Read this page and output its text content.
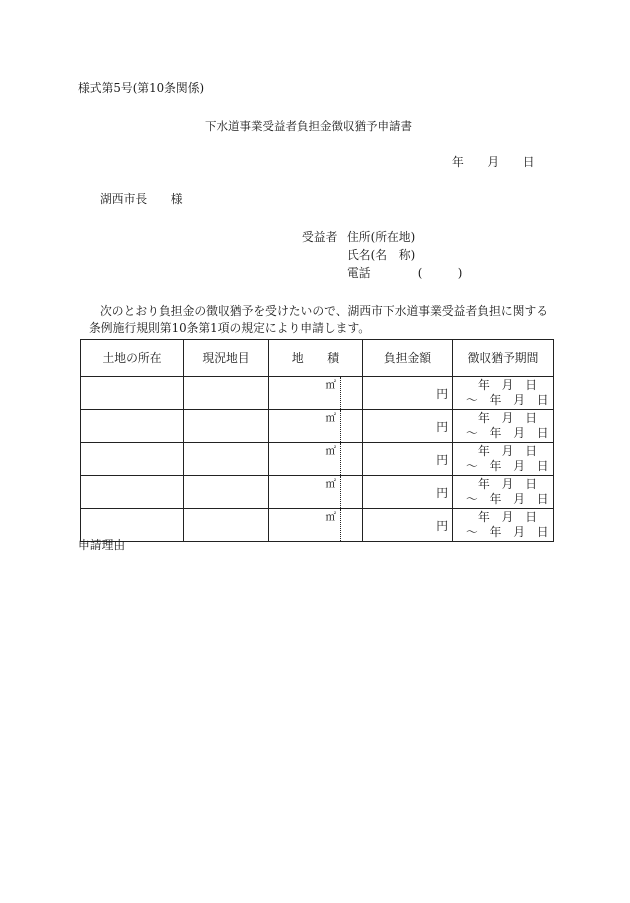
様式第5号(第10条関係)
下水道事業受益者負担金徴収猶予申請書
年　　月　　日
湖西市長　　様
受益者 住所(所在地)
氏名(名　称)
電話　　　　(　　　)
次のとおり負担金の徴収猶予を受けたいので、湖西市下水道事業受益者負担に関する
条例施行規則第10条第1項の規定により申請します。
土地の所在	現況地目	地　　積		負担金額	徴収猶予期間
		㎡		円	年　月　日
～　年　月　日

		㎡		円	年　月　日
～　年　月　日

		㎡		円	年　月　日
～　年　月　日

		㎡		円	年　月　日
～　年　月　日

		㎡		円	年　月　日
～　年　月　日
申請理由
